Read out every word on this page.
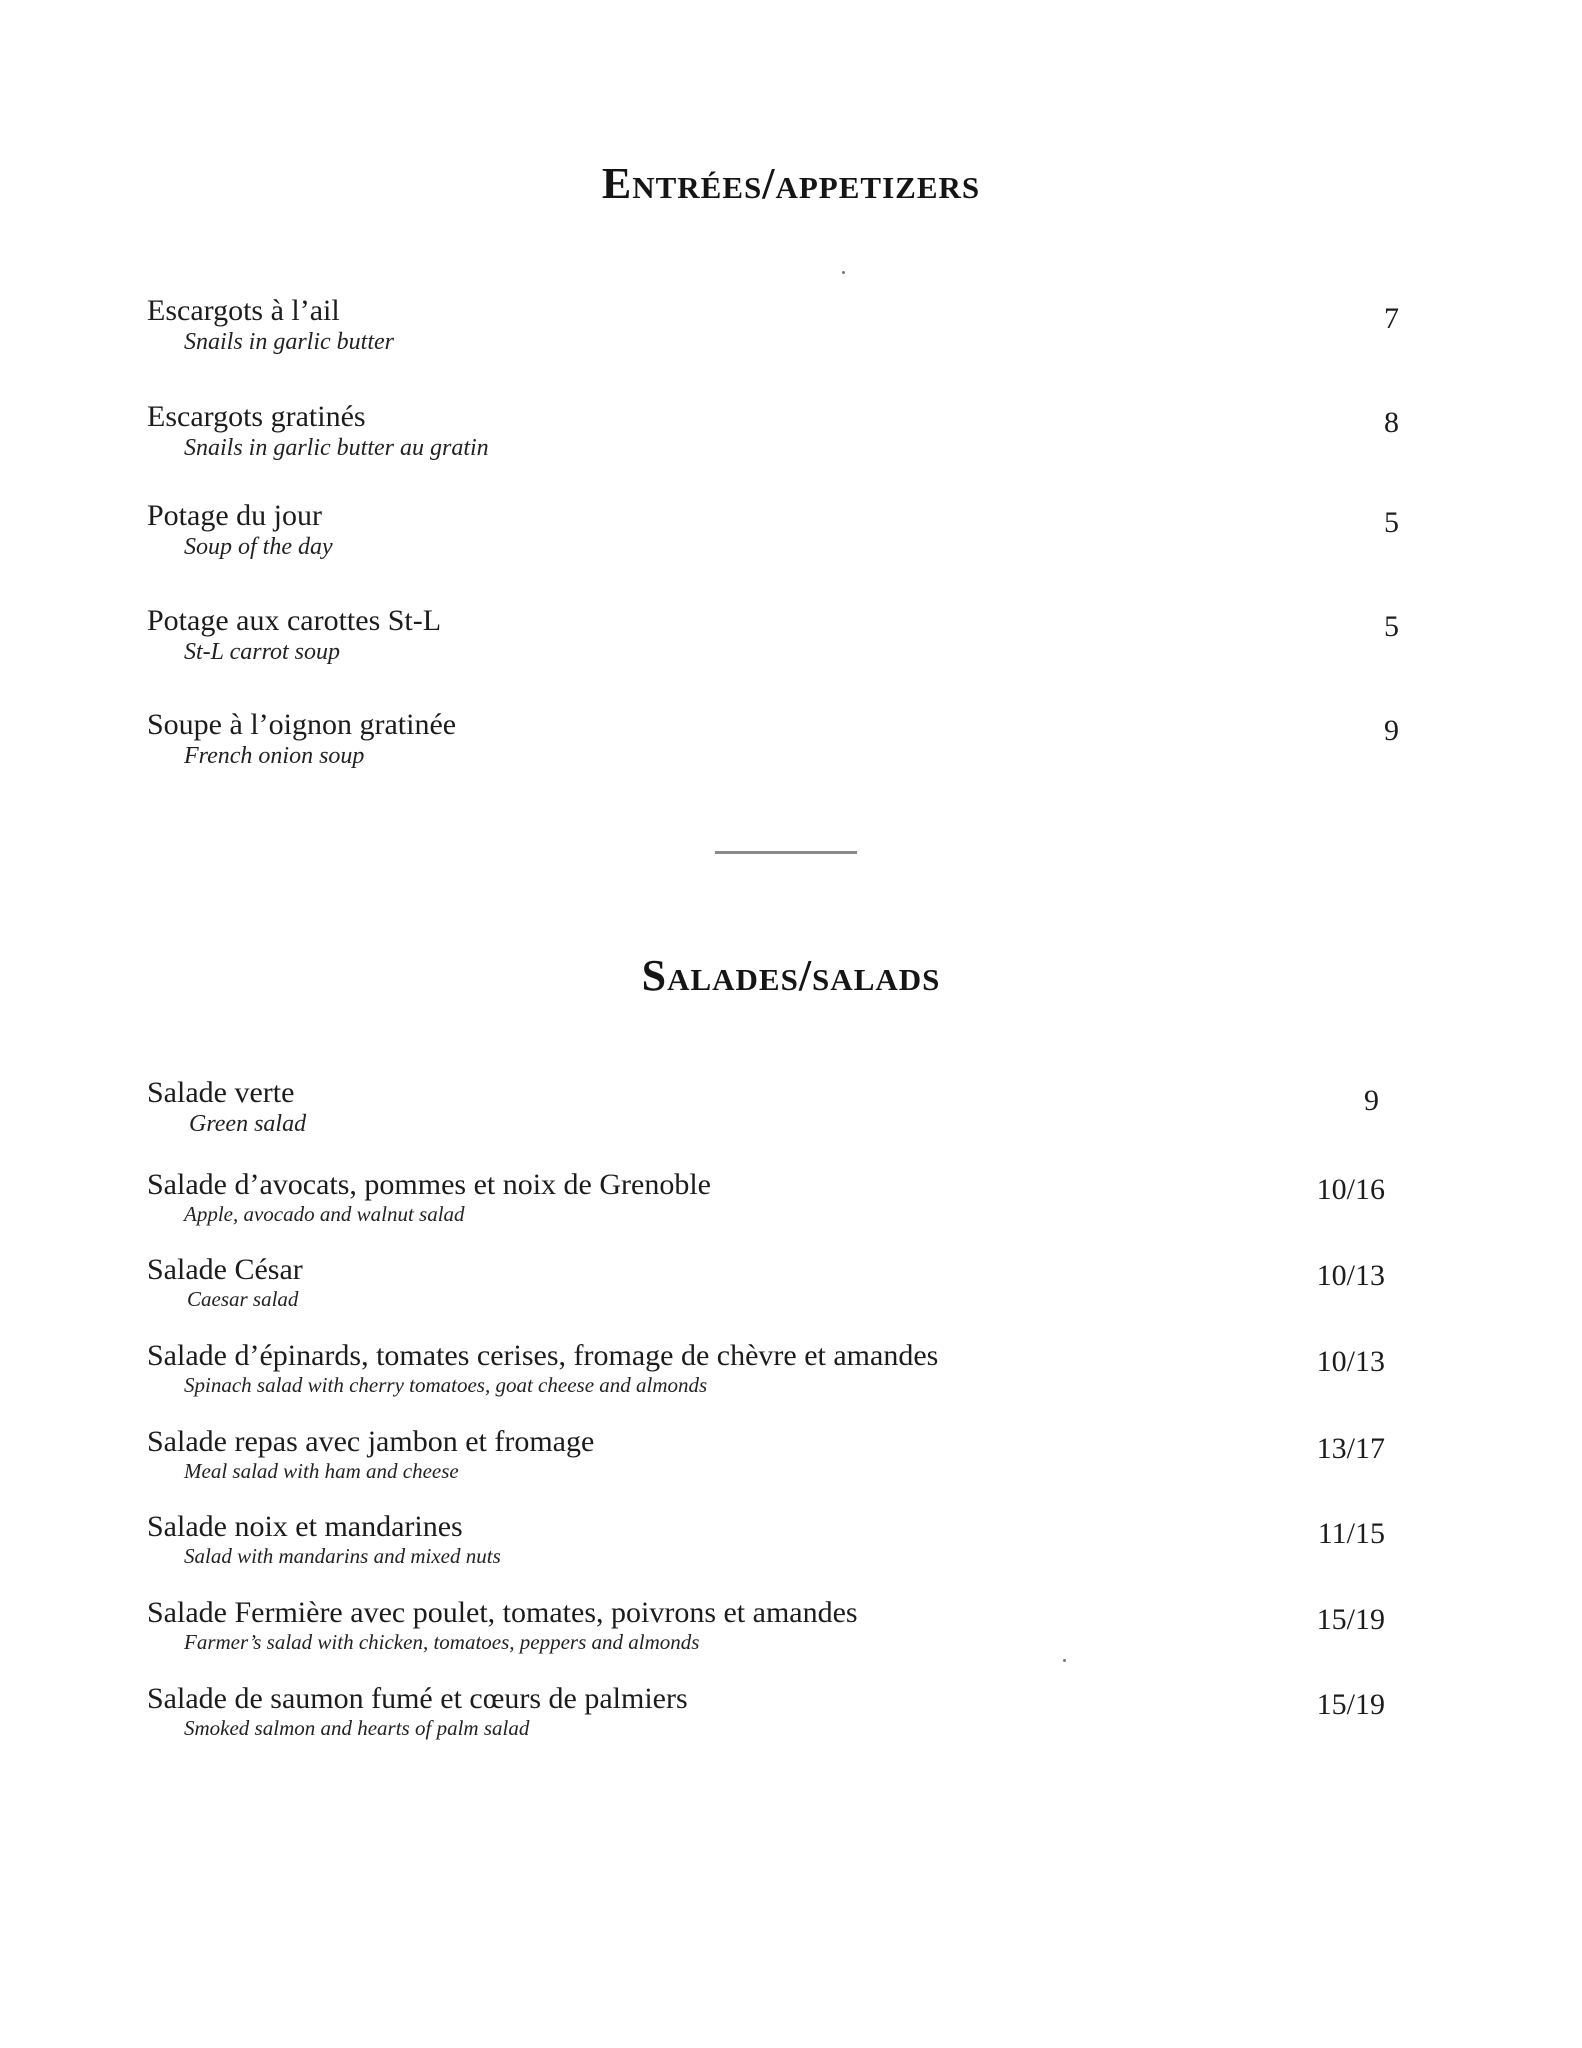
Entrées/appetizers
Escargots à l’ail
Snails in garlic butter
7
Escargots gratinés
Snails in garlic butter au gratin
8
Potage du jour
Soup of the day
5
Potage aux carottes St-L
St-L carrot soup
5
Soupe à l’oignon gratinée
French onion soup
9
Salades/salads
Salade verte
Green salad
9
Salade d’avocats, pommes et noix de Grenoble
Apple, avocado and walnut salad
10/16
Salade César
Caesar salad
10/13
Salade d’épinards, tomates cerises, fromage de chèvre et amandes
Spinach salad with cherry tomatoes, goat cheese and almonds
10/13
Salade repas avec jambon et fromage
Meal salad with ham and cheese
13/17
Salade noix et mandarines
Salad with mandarins and mixed nuts
11/15
Salade Fermière avec poulet, tomates, poivrons et amandes
Farmer’s salad with chicken, tomatoes, peppers and almonds
15/19
Salade de saumon fumé et cœurs de palmiers
Smoked salmon and hearts of palm salad
15/19
